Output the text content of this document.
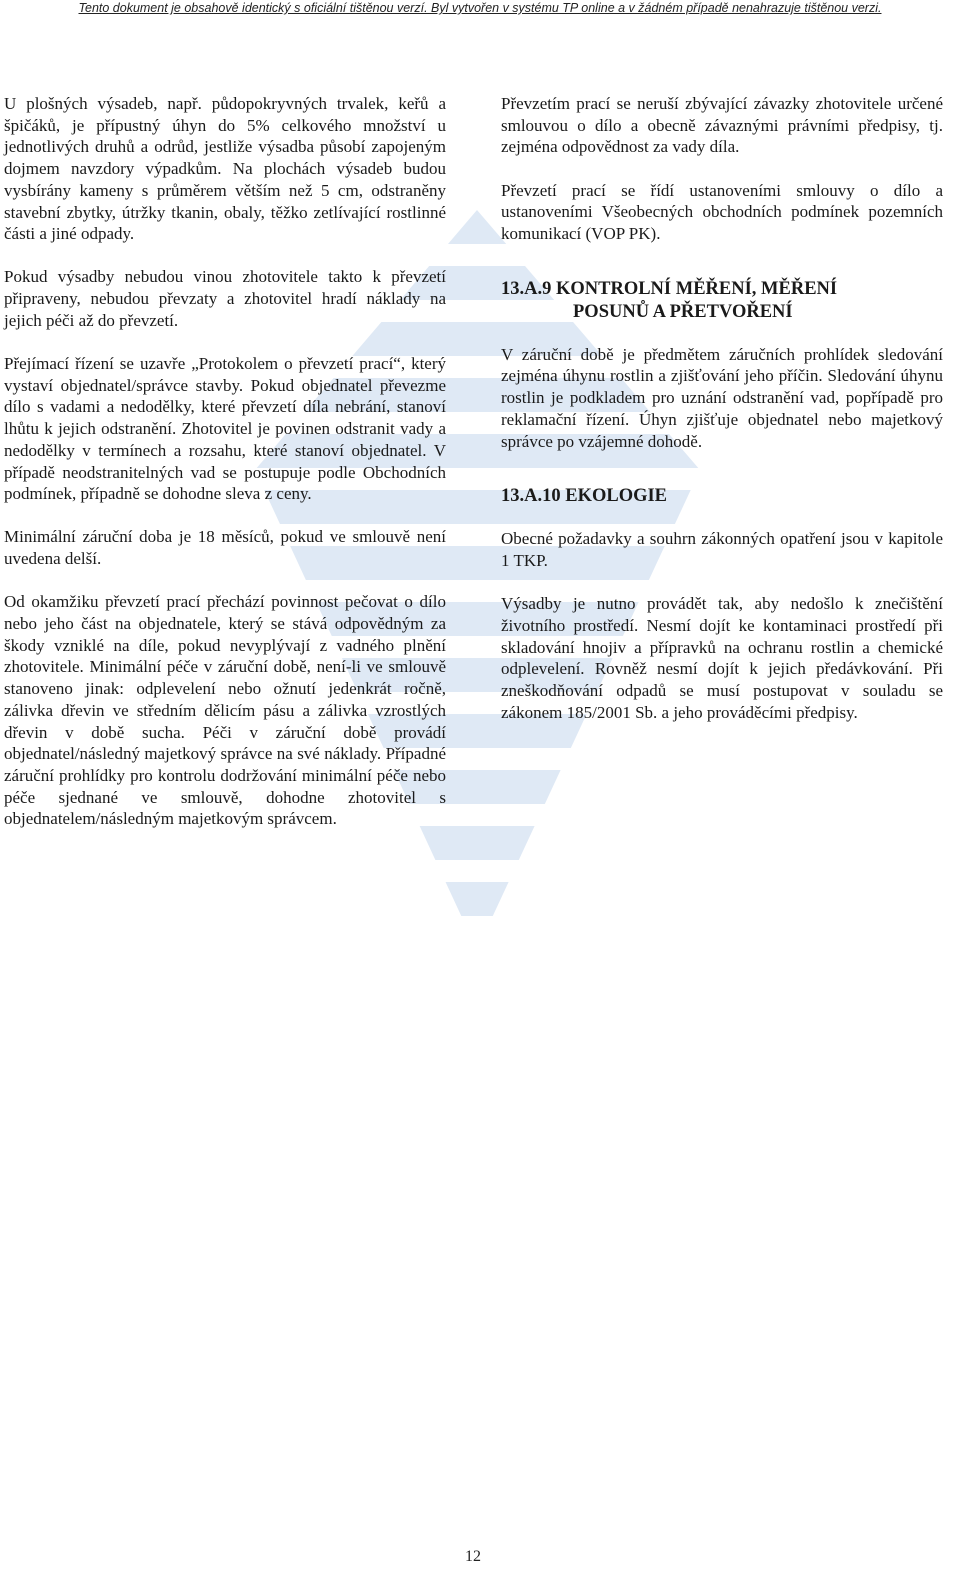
Tento dokument je obsahově identický s oficiální tištěnou verzí. Byl vytvořen v systému TP online a v žádném případě nenahrazuje tištěnou verzi.

U plošných výsadeb, např. půdopokryvných trvalek, keřů a špičáků, je přípustný úhyn do 5% celkového množství u jednotlivých druhů a odrůd, jestliže výsadba působí zapojeným dojmem navzdory výpadkům. Na plochách výsadeb budou vysbírány kameny s průměrem větším než 5 cm, odstraněny stavební zbytky, útržky tkanin, obaly, těžko zetlívající rostlinné části a jiné odpady.

Pokud výsadby nebudou vinou zhotovitele takto k převzetí připraveny, nebudou převzaty a zhotovitel hradí náklady na jejich péči až do převzetí.

Přejímací řízení se uzavře „Protokolem o převzetí prací“, který vystaví objednatel/správce stavby. Pokud objednatel převezme dílo s vadami a nedodělky, které převzetí díla nebrání, stanoví lhůtu k jejich odstranění. Zhotovitel je povinen odstranit vady a nedodělky v termínech a rozsahu, které stanoví objednatel. V případě neodstranitelných vad se postupuje podle Obchodních podmínek, případně se dohodne sleva z ceny.

Minimální záruční doba je 18 měsíců, pokud ve smlouvě není uvedena delší.

Od okamžiku převzetí prací přechází povinnost pečovat o dílo nebo jeho část na objednatele, který se stává odpovědným za škody vzniklé na díle, pokud nevyplývají z vadného plnění zhotovitele. Minimální péče v záruční době, není-li ve smlouvě stanoveno jinak: odplevelení nebo ožnutí jedenkrát ročně, zálivka dřevin ve středním dělicím pásu a zálivka vzrostlých dřevin v době sucha. Péči v záruční době provádí objednatel/následný majetkový správce na své náklady. Případné záruční prohlídky pro kontrolu dodržování minimální péče nebo péče sjednané ve smlouvě, dohodne zhotovitel s objednatelem/následným majetkovým správcem.

Převzetím prací se neruší zbývající závazky zhotovitele určené smlouvou o dílo a obecně závaznými právními předpisy, tj. zejména odpovědnost za vady díla.

Převzetí prací se řídí ustanoveními smlouvy o dílo a ustanoveními Všeobecných obchodních podmínek pozemních komunikací (VOP PK).

13.A.9 KONTROLNÍ MĚŘENÍ, MĚŘENÍ
POSUNŮ A PŘETVOŘENÍ

V záruční době je předmětem záručních prohlídek sledování zejména úhynu rostlin a zjišťování jeho příčin. Sledování úhynu rostlin je podkladem pro uznání odstranění vad, popřípadě pro reklamační řízení. Úhyn zjišťuje objednatel nebo majetkový správce po vzájemné dohodě.

13.A.10 EKOLOGIE

Obecné požadavky a souhrn zákonných opatření jsou v kapitole 1 TKP.

Výsadby je nutno provádět tak, aby nedošlo k znečištění životního prostředí. Nesmí dojít ke kontaminaci prostředí při skladování hnojiv a přípravků na ochranu rostlin a chemické odplevelení. Rovněž nesmí dojít k jejich předávkování. Při zneškodňování odpadů se musí postupovat v souladu se zákonem 185/2001 Sb. a jeho prováděcími předpisy.

12
